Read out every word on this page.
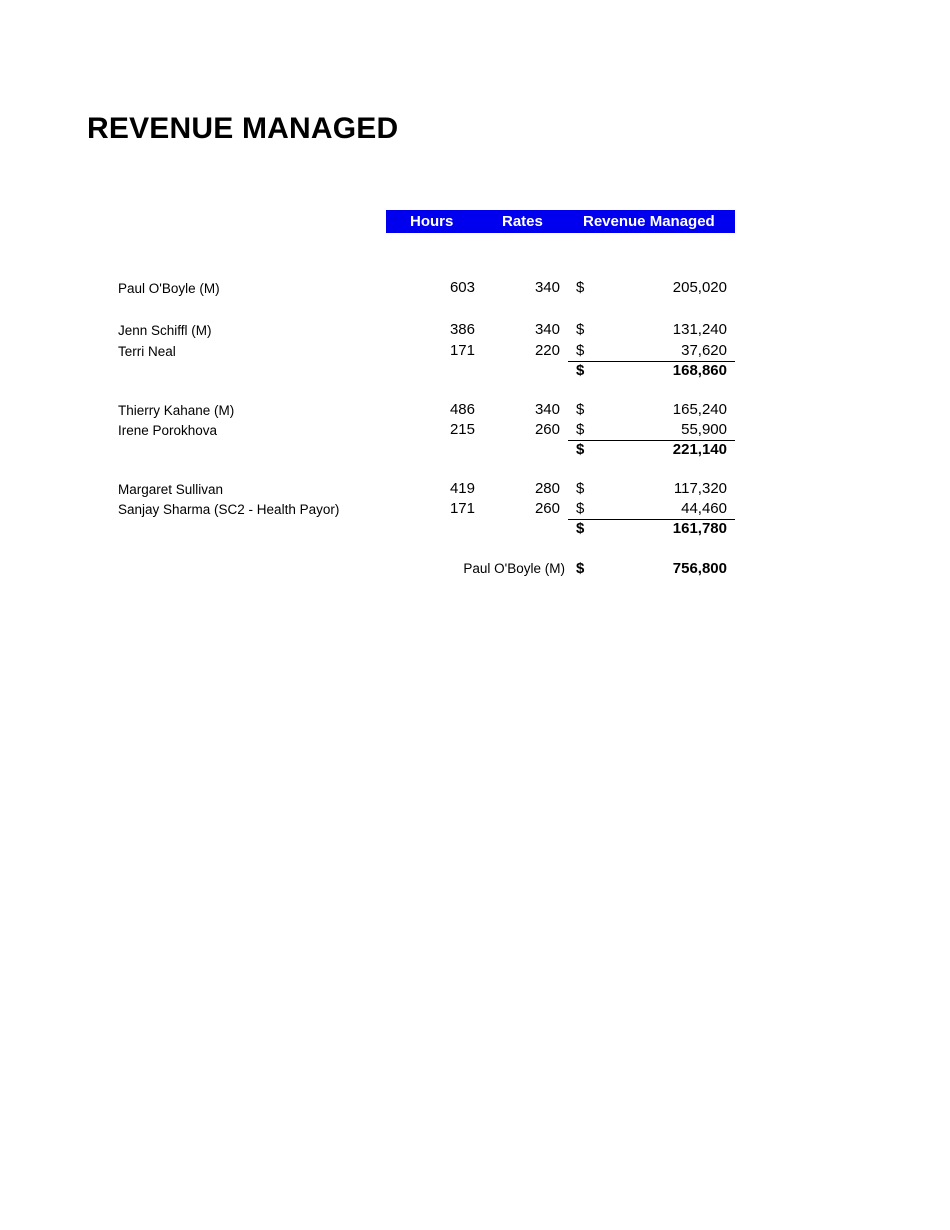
REVENUE MANAGED
Hours	Rates	Revenue Managed
Paul O'Boyle (M)	603	340 $	205,020
Jenn Schiffl (M)	386	340 $	131,240
Terri Neal	171	220 $	37,620
$	168,860
Thierry Kahane (M)	486	340 $	165,240
Irene Porokhova	215	260 $	55,900
$	221,140
Margaret Sullivan	419	280 $	117,320
Sanjay Sharma (SC2 - Health Payor)	171	260 $	44,460
$	161,780
Paul O'Boyle (M) $	756,800
